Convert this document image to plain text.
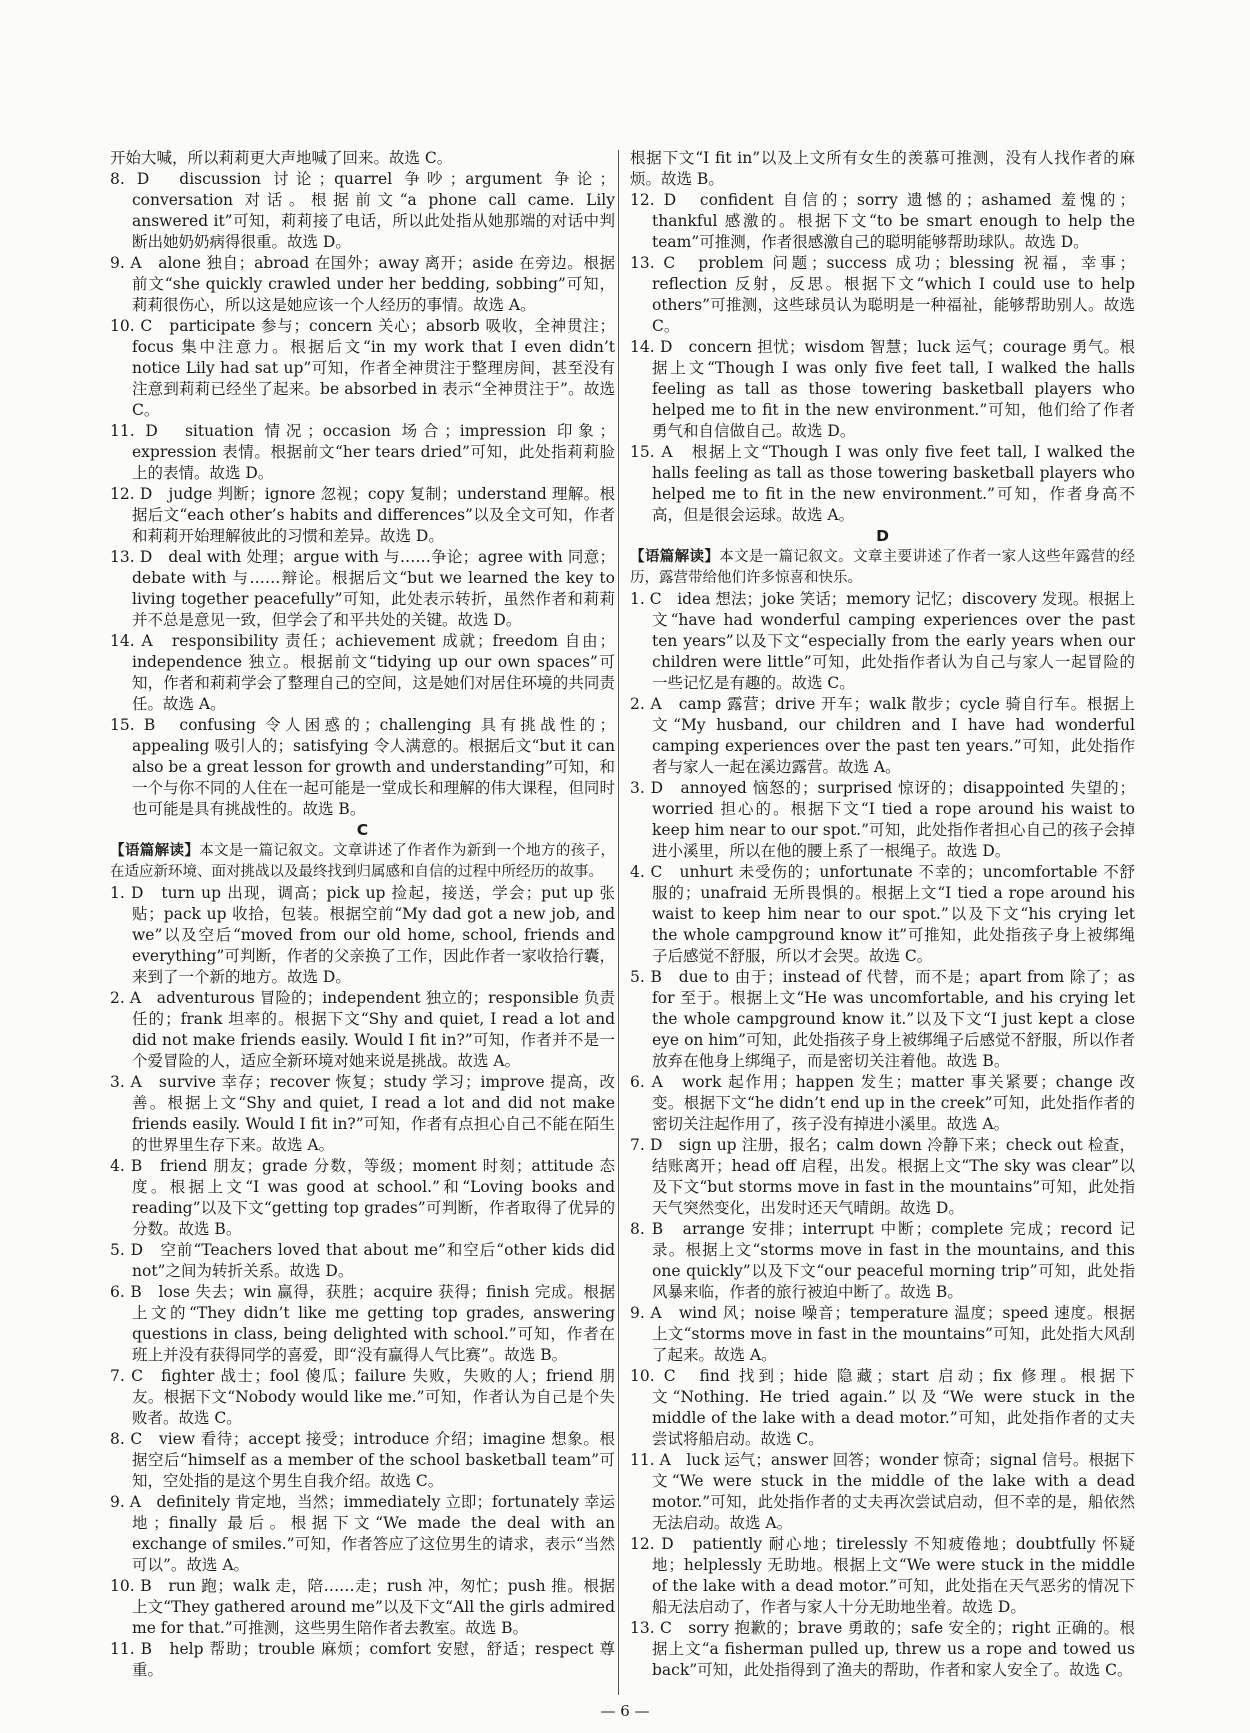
开始大喊，所以莉莉更大声地喊了回来。故选 C。
8. D　discussion 讨论；quarrel 争吵；argument 争论；conversation 对话。根据前文“a phone call came. Lily answered it”可知，莉莉接了电话，所以此处指从她那端的对话中判断出她奶奶病得很重。故选 D。
9. A　alone 独自；abroad 在国外；away 离开；aside 在旁边。根据前文“she quickly crawled under her bedding, sobbing”可知，莉莉很伤心，所以这是她应该一个人经历的事情。故选 A。
10. C　participate 参与；concern 关心；absorb 吸收，全神贯注；focus 集中注意力。根据后文“in my work that I even didn’t notice Lily had sat up”可知，作者全神贯注于整理房间，甚至没有注意到莉莉已经坐了起来。be absorbed in 表示“全神贯注于”。故选 C。
11. D　situation 情况；occasion 场合；impression 印象；expression 表情。根据前文“her tears dried”可知，此处指莉莉脸上的表情。故选 D。
12. D　judge 判断；ignore 忽视；copy 复制；understand 理解。根据后文“each other’s habits and differences”以及全文可知，作者和莉莉开始理解彼此的习惯和差异。故选 D。
13. D　deal with 处理；argue with 与……争论；agree with 同意；debate with 与……辩论。根据后文“but we learned the key to living together peacefully”可知，此处表示转折，虽然作者和莉莉并不总是意见一致，但学会了和平共处的关键。故选 D。
14. A　responsibility 责任；achievement 成就；freedom 自由；independence 独立。根据前文“tidying up our own spaces”可知，作者和莉莉学会了整理自己的空间，这是她们对居住环境的共同责任。故选 A。
15. B　confusing 令人困惑的；challenging 具有挑战性的；appealing 吸引人的；satisfying 令人满意的。根据后文“but it can also be a great lesson for growth and understanding”可知，和一个与你不同的人住在一起可能是一堂成长和理解的伟大课程，但同时也可能是具有挑战性的。故选 B。
C
【语篇解读】本文是一篇记叙文。文章讲述了作者作为新到一个地方的孩子，在适应新环境、面对挑战以及最终找到归属感和自信的过程中所经历的故事。
1. D　turn up 出现，调高；pick up 捡起，接送，学会；put up 张贴；pack up 收拾，包装。根据空前“My dad got a new job, and we”以及空后“moved from our old home, school, friends and everything”可判断，作者的父亲换了工作，因此作者一家收拾行囊，来到了一个新的地方。故选 D。
2. A　adventurous 冒险的；independent 独立的；responsible 负责任的；frank 坦率的。根据下文“Shy and quiet, I read a lot and did not make friends easily. Would I fit in?”可知，作者并不是一个爱冒险的人，适应全新环境对她来说是挑战。故选 A。
3. A　survive 幸存；recover 恢复；study 学习；improve 提高，改善。根据上文“Shy and quiet, I read a lot and did not make friends easily. Would I fit in?”可知，作者有点担心自己不能在陌生的世界里生存下来。故选 A。
4. B　friend 朋友；grade 分数，等级；moment 时刻；attitude 态度。根据上文“I was good at school.”和“Loving books and reading”以及下文“getting top grades”可判断，作者取得了优异的分数。故选 B。
5. D　空前“Teachers loved that about me”和空后“other kids did not”之间为转折关系。故选 D。
6. B　lose 失去；win 赢得，获胜；acquire 获得；finish 完成。根据上文的“They didn’t like me getting top grades, answering questions in class, being delighted with school.”可知，作者在班上并没有获得同学的喜爱，即“没有赢得人气比赛”。故选 B。
7. C　fighter 战士；fool 傻瓜；failure 失败，失败的人；friend 朋友。根据下文“Nobody would like me.”可知，作者认为自己是个失败者。故选 C。
8. C　view 看待；accept 接受；introduce 介绍；imagine 想象。根据空后“himself as a member of the school basketball team”可知，空处指的是这个男生自我介绍。故选 C。
9. A　definitely 肯定地，当然；immediately 立即；fortunately 幸运地；finally 最后。根据下文“We made the deal with an exchange of smiles.”可知，作者答应了这位男生的请求，表示“当然可以”。故选 A。
10. B　run 跑；walk 走，陪……走；rush 冲，匆忙；push 推。根据上文“They gathered around me”以及下文“All the girls admired me for that.”可推测，这些男生陪作者去教室。故选 B。
11. B　help 帮助；trouble 麻烦；comfort 安慰，舒适；respect 尊重。
根据下文“I fit in”以及上文所有女生的羡慕可推测，没有人找作者的麻烦。故选 B。
12. D　confident 自信的；sorry 遗憾的；ashamed 羞愧的；thankful 感激的。根据下文“to be smart enough to help the team”可推测，作者很感激自己的聪明能够帮助球队。故选 D。
13. C　problem 问题；success 成功；blessing 祝福，幸事；reflection 反射，反思。根据下文“which I could use to help others”可推测，这些球员认为聪明是一种福祉，能够帮助别人。故选 C。
14. D　concern 担忧；wisdom 智慧；luck 运气；courage 勇气。根据上文“Though I was only five feet tall, I walked the halls feeling as tall as those towering basketball players who helped me to fit in the new environment.”可知，他们给了作者勇气和自信做自己。故选 D。
15. A　根据上文“Though I was only five feet tall, I walked the halls feeling as tall as those towering basketball players who helped me to fit in the new environment.”可知，作者身高不高，但是很会运球。故选 A。
D
【语篇解读】本文是一篇记叙文。文章主要讲述了作者一家人这些年露营的经历，露营带给他们许多惊喜和快乐。
1. C　idea 想法；joke 笑话；memory 记忆；discovery 发现。根据上文“have had wonderful camping experiences over the past ten years”以及下文“especially from the early years when our children were little”可知，此处指作者认为自己与家人一起冒险的一些记忆是有趣的。故选 C。
2. A　camp 露营；drive 开车；walk 散步；cycle 骑自行车。根据上文“My husband, our children and I have had wonderful camping experiences over the past ten years.”可知，此处指作者与家人一起在溪边露营。故选 A。
3. D　annoyed 恼怒的；surprised 惊讶的；disappointed 失望的；worried 担心的。根据下文“I tied a rope around his waist to keep him near to our spot.”可知，此处指作者担心自己的孩子会掉进小溪里，所以在他的腰上系了一根绳子。故选 D。
4. C　unhurt 未受伤的；unfortunate 不幸的；uncomfortable 不舒服的；unafraid 无所畏惧的。根据上文“I tied a rope around his waist to keep him near to our spot.”以及下文“his crying let the whole campground know it”可推知，此处指孩子身上被绑绳子后感觉不舒服，所以才会哭。故选 C。
5. B　due to 由于；instead of 代替，而不是；apart from 除了；as for 至于。根据上文“He was uncomfortable, and his crying let the whole campground know it.”以及下文“I just kept a close eye on him”可知，此处指孩子身上被绑绳子后感觉不舒服，所以作者放弃在他身上绑绳子，而是密切关注着他。故选 B。
6. A　work 起作用；happen 发生；matter 事关紧要；change 改变。根据下文“he didn’t end up in the creek”可知，此处指作者的密切关注起作用了，孩子没有掉进小溪里。故选 A。
7. D　sign up 注册，报名；calm down 冷静下来；check out 检查，结账离开；head off 启程，出发。根据上文“The sky was clear”以及下文“but storms move in fast in the mountains”可知，此处指天气突然变化，出发时还天气晴朗。故选 D。
8. B　arrange 安排；interrupt 中断；complete 完成；record 记录。根据上文“storms move in fast in the mountains, and this one quickly”以及下文“our peaceful morning trip”可知，此处指风暴来临，作者的旅行被迫中断了。故选 B。
9. A　wind 风；noise 噪音；temperature 温度；speed 速度。根据上文“storms move in fast in the mountains”可知，此处指大风刮了起来。故选 A。
10. C　find 找到；hide 隐藏；start 启动；fix 修理。根据下文“Nothing. He tried again.”以及“We were stuck in the middle of the lake with a dead motor.”可知，此处指作者的丈夫尝试将船启动。故选 C。
11. A　luck 运气；answer 回答；wonder 惊奇；signal 信号。根据下文“We were stuck in the middle of the lake with a dead motor.”可知，此处指作者的丈夫再次尝试启动，但不幸的是，船依然无法启动。故选 A。
12. D　patiently 耐心地；tirelessly 不知疲倦地；doubtfully 怀疑地；helplessly 无助地。根据上文“We were stuck in the middle of the lake with a dead motor.”可知，此处指在天气恶劣的情况下船无法启动了，作者与家人十分无助地坐着。故选 D。
13. C　sorry 抱歉的；brave 勇敢的；safe 安全的；right 正确的。根据上文“a fisherman pulled up, threw us a rope and towed us back”可知，此处指得到了渔夫的帮助，作者和家人安全了。故选 C。
— 6 —
